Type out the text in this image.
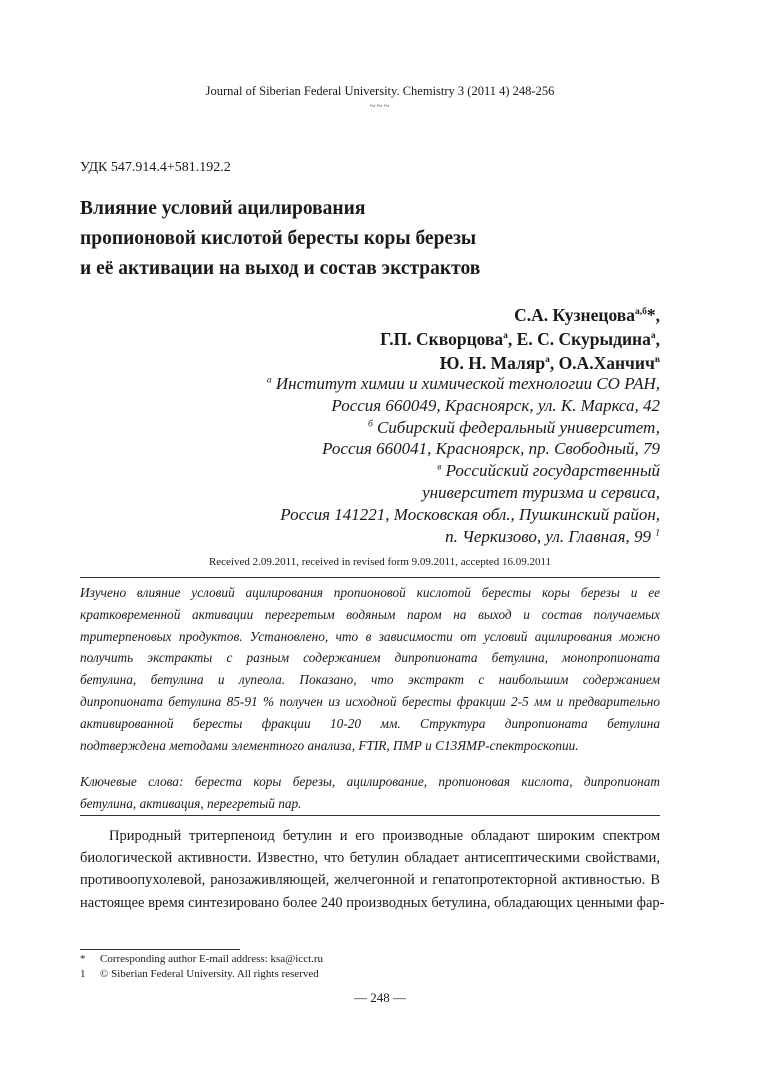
Journal of Siberian Federal University. Chemistry 3 (2011 4) 248-256
~~~
УДК 547.914.4+581.192.2
Влияние условий ацилирования
пропионовой кислотой бересты коры березы
и её активации на выход и состав экстрактов
С.А. Кузнецова$^{а,б}$*,
Г.П. Скворцова$^а$, Е. С. Скурыдина$^а$,
Ю. Н. Маляр$^а$, О.А.Ханчич$^в$
$^а$ Институт химии и химической технологии СО РАН,
Россия 660049, Красноярск, ул. К. Маркса, 42
$^б$ Сибирский федеральный университет,
Россия 660041, Красноярск, пр. Свободный, 79
$^в$ Российский государственный
университет туризма и сервиса,
Россия 141221, Московская обл., Пушкинский район,
п. Черкизово, ул. Главная, 99 $^1$
Received 2.09.2011, received in revised form 9.09.2011, accepted 16.09.2011
Изучено влияние условий ацилирования пропионовой кислотой бересты коры березы и ее
кратковременной активации перегретым водяным паром на выход и состав получаемых
тритерпеновых продуктов. Установлено, что в зависимости от условий ацилирования можно
получить экстракты с разным содержанием дипропионата бетулина, монопропионата
бетулина, бетулина и лупеола. Показано, что экстракт с наибольшим содержанием
дипропионата бетулина 85-91 % получен из исходной бересты фракции 2-5 мм и предварительно
активированной бересты фракции 10-20 мм. Структура дипропионата бетулина
подтверждена методами элементного анализа, FTIR, ПМР и С13ЯМР-спектроскопии.
Ключевые слова: береста коры березы, ацилирование, пропионовая кислота, дипропионат
бетулина, активация, перегретый пар.
Природный тритерпеноид бетулин и его производные обладают широким спектром
биологической активности. Известно, что бетулин обладает антисептическими свойствами,
противоопухолевой, ранозаживляющей, желчегонной и гепатопротекторной активностью. В
настоящее время синтезировано более 240 производных бетулина, обладающих ценными фар-
* Corresponding author E-mail address: ksa@icct.ru
1 © Siberian Federal University. All rights reserved
— 248 —
